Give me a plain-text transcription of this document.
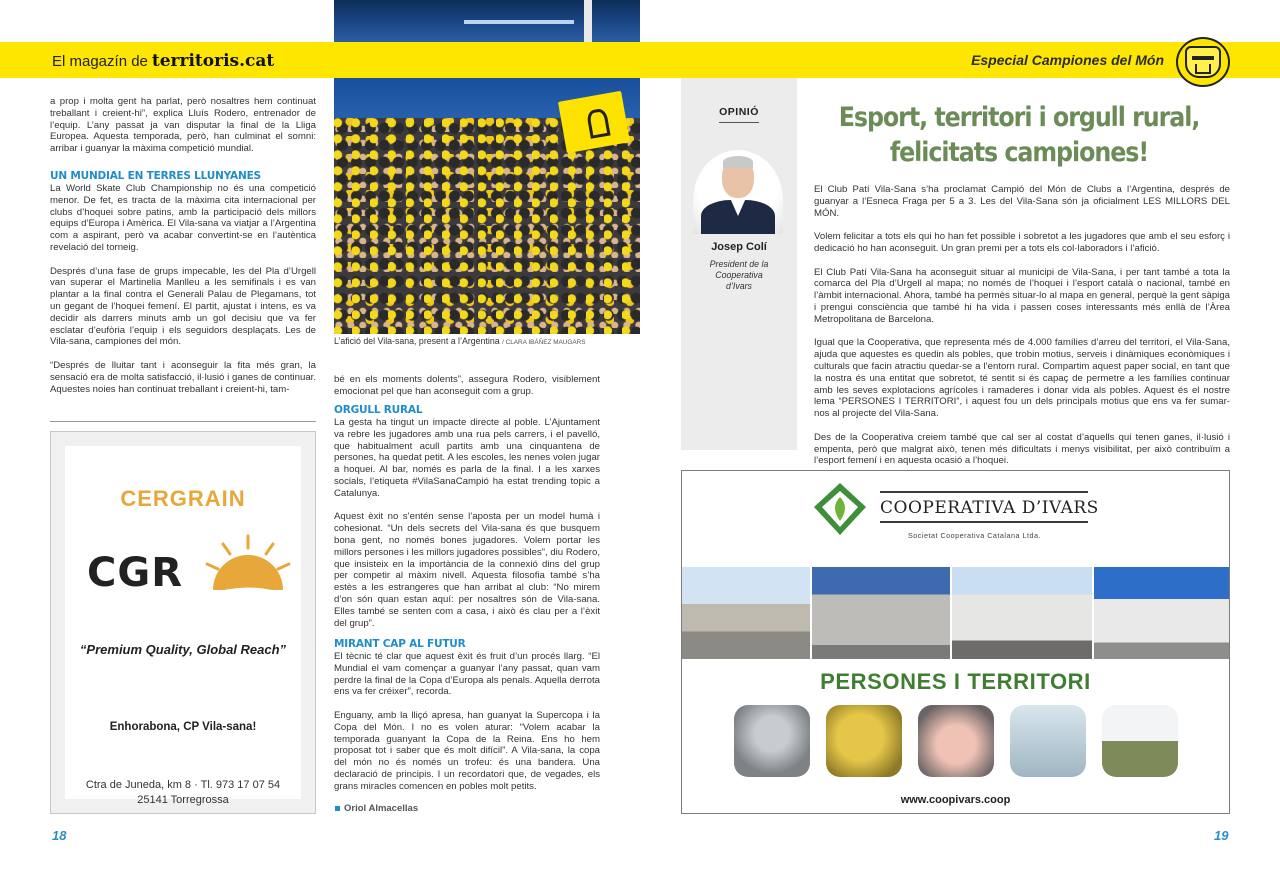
El magazín de territoris.cat	Especial Campiones del Món

a prop i molta gent ha parlat, però nosaltres hem continuat treballant i creient-hi”, explica Lluís Rodero, entrenador de l’equip. L’any passat ja van disputar la final de la Lliga Europea. Aquesta temporada, però, han culminat el somni: arribar i guanyar la màxima competició mundial.

UN MUNDIAL EN TERRES LLUNYANES

La World Skate Club Championship no és una competició menor. De fet, es tracta de la màxima cita internacional per clubs d’hoquei sobre patins, amb la participació dels millors equips d’Europa i Amèrica. El Vila-sana va viatjar a l’Argentina com a aspirant, però va acabar convertint-se en l’autèntica revelació del torneig.

Després d’una fase de grups impecable, les del Pla d’Urgell van superar el Martinelia Manlleu a les semifinals i es van plantar a la final contra el Generali Palau de Plegamans, tot un gegant de l’hoquei femení. El partit, ajustat i intens, es va decidir als darrers minuts amb un gol decisiu que va fer esclatar d’eufòria l’equip i els seguidors desplaçats. Les de Vila-sana, campiones del món.

“Després de lluitar tant i aconseguir la fita més gran, la sensació era de molta satisfacció, il·lusió i ganes de continuar. Aquestes noies han continuat treballant i creient-hi, tam-

L’afició del Vila-sana, present a l’Argentina / CLARA IBÁÑEZ MAUGARS

bé en els moments dolents”, assegura Rodero, visiblement emocionat pel que han aconseguit com a grup.

ORGULL RURAL

La gesta ha tingut un impacte directe al poble. L’Ajuntament va rebre les jugadores amb una rua pels carrers, i el pavelló, que habitualment acull partits amb una cinquantena de persones, ha quedat petit. A les escoles, les nenes volen jugar a hoquei. Al bar, només es parla de la final. I a les xarxes socials, l’etiqueta #VilaSanaCampió ha estat trending topic a Catalunya.

Aquest èxit no s’entén sense l’aposta per un model humà i cohesionat. “Un dels secrets del Vila-sana és que busquem bona gent, no només bones jugadores. Volem portar les millors persones i les millors jugadores possibles”, diu Rodero, que insisteix en la importància de la connexió dins del grup per competir al màxim nivell. Aquesta filosofia també s’ha estès a les estrangeres que han arribat al club: “No mirem d’on són quan estan aquí: per nosaltres són de Vila-sana. Elles també se senten com a casa, i això és clau per a l’èxit del grup”.

MIRANT CAP AL FUTUR

El tècnic té clar que aquest èxit és fruit d’un procés llarg. “El Mundial el vam començar a guanyar l’any passat, quan vam perdre la final de la Copa d’Europa als penals. Aquella derrota ens va fer créixer”, recorda.

Enguany, amb la lliçó apresa, han guanyat la Supercopa i la Copa del Món. I no es volen aturar: “Volem acabar la temporada guanyant la Copa de la Reina. Ens ho hem proposat tot i saber que és molt difícil”. A Vila-sana, la copa del món no és només un trofeu: és una bandera. Una declaració de principis. I un recordatori que, de vegades, els grans miracles comencen en pobles molt petits.

Oriol Almacellas
CERGRAIN
CGR
“Premium Quality, Global Reach”
Enhorabona, CP Vila-sana!
Ctra de Juneda, km 8 · Tl. 973 17 07 54
25141 Torregrossa
18
OPINIÓ
Josep Colí
President de la Cooperativa d’Ivars
Esport, territori i orgull rural, felicitats campiones!

El Club Patí Vila-Sana s’ha proclamat Campió del Món de Clubs a l’Argentina, després de guanyar a l’Esneca Fraga per 5 a 3. Les del Vila-Sana són ja oficialment LES MILLORS DEL MÓN.

Volem felicitar a tots els qui ho han fet possible i sobretot a les jugadores que amb el seu esforç i dedicació ho han aconseguit. Un gran premi per a tots els col·laboradors i l’afició.

El Club Patí Vila-Sana ha aconseguit situar al municipi de Vila-Sana, i per tant també a tota la comarca del Pla d’Urgell al mapa; no només de l’hoquei i l’esport català o nacional, també en l’àmbit internacional. Ahora, també ha permès situar-lo al mapa en general, perquè la gent sàpiga i prengui consciència que també hi ha vida i passen coses interessants més enllà de l’Àrea Metropolitana de Barcelona.

Igual que la Cooperativa, que representa més de 4.000 famílies d’arreu del territori, el Vila-Sana, ajuda que aquestes es quedin als pobles, que trobin motius, serveis i dinàmiques econòmiques i culturals que facin atractiu quedar-se a l’entorn rural. Compartim aquest paper social, en tant que la nostra és una entitat que sobretot, té sentit si és capaç de permetre a les famílies continuar amb les seves explotacions agrícoles i ramaderes i donar vida als pobles. Aquest és el nostre lema “PERSONES I TERRITORI”, i aquest fou un dels principals motius que ens va fer sumar-nos al projecte del Vila-Sana.

Des de la Cooperativa creiem també que cal ser al costat d’aquells qui tenen ganes, il·lusió i empenta, però que malgrat això, tenen més dificultats i menys visibilitat, per això contribuïm a l’esport femení i en aquesta ocasió a l’hoquei.

COOPERATIVA D’IVARS
Societat Cooperativa Catalana Ltda.
PERSONES I TERRITORI
www.coopivars.coop
19
